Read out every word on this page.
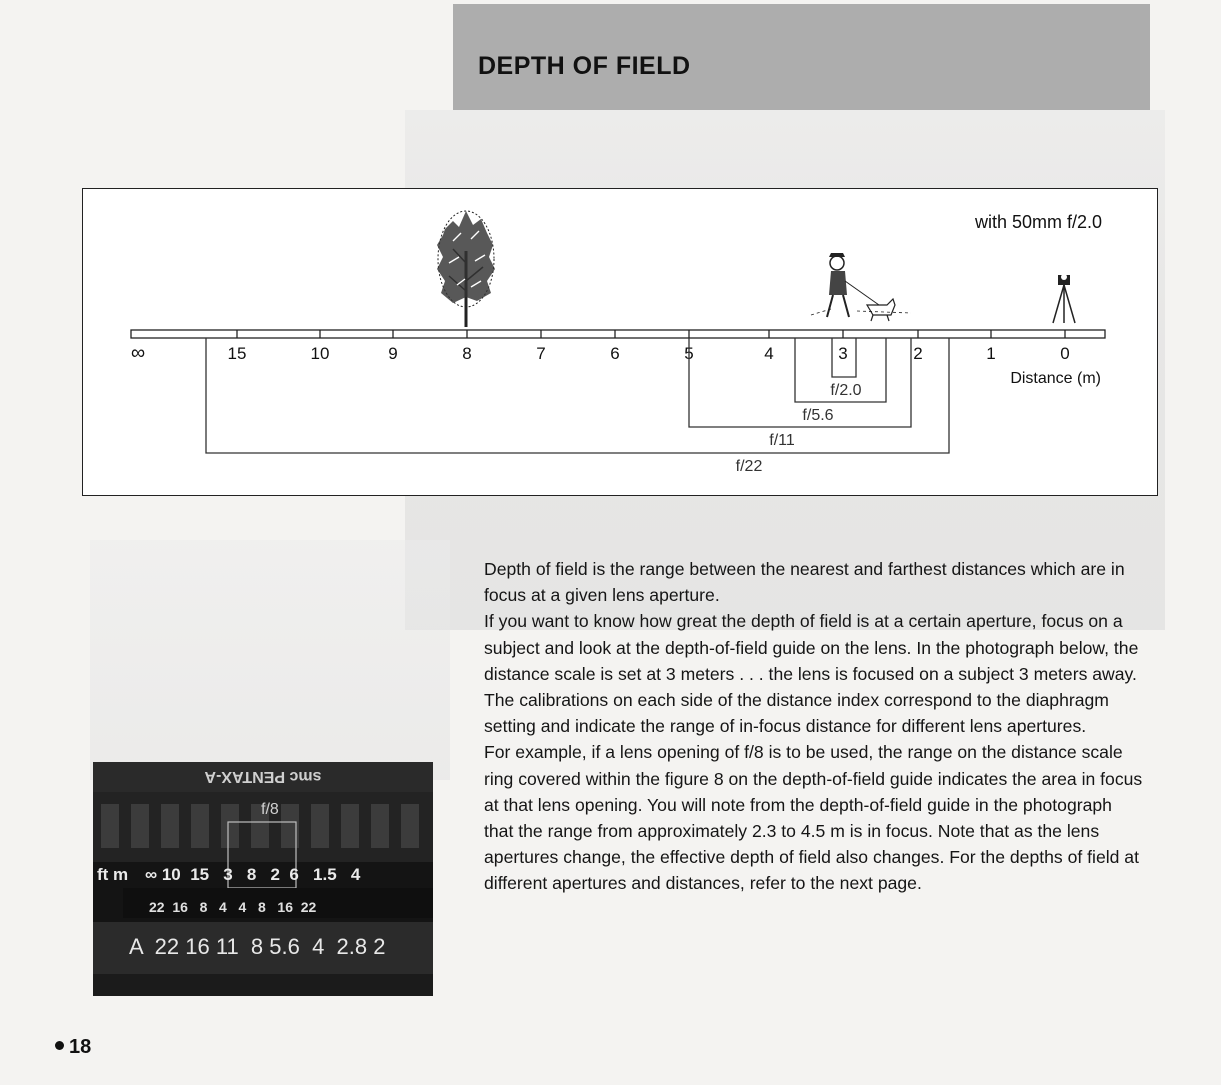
DEPTH OF FIELD
∞	15	10	9	8	7	6	5	4	3	2	1	0
f/2.0
f/5.6
f/11
f/22
with 50mm f/2.0
Distance (m)

Depth of field is the range between the nearest and farthest distances which are in focus at a given lens aperture.

If you want to know how great the depth of field is at a certain aperture, focus on a subject and look at the depth-of-field guide on the lens. In the photograph below, the distance scale is set at 3 meters . . . the lens is focused on a subject 3 meters away. The calibrations on each side of the distance index correspond to the diaphragm setting and indicate the range of in-focus distance for different lens apertures.

For example, if a lens opening of f/8 is to be used, the range on the distance scale ring covered within the figure 8 on the depth-of-field guide indicates the area in focus at that lens opening. You will note from the depth-of-field guide in the photograph that the range from approximately 2.3 to 4.5 m is in focus. Note that as the lens apertures change, the effective depth of field also changes. For the depths of field at different apertures and distances, refer to the next page.

smc PENTAX-A
f/8
ft m ∞ 10  15   3   8   2  6   1.5   4
22  16   8   4   4   8   16  22
A  22 16 11  8 5.6  4  2.8 2
18
